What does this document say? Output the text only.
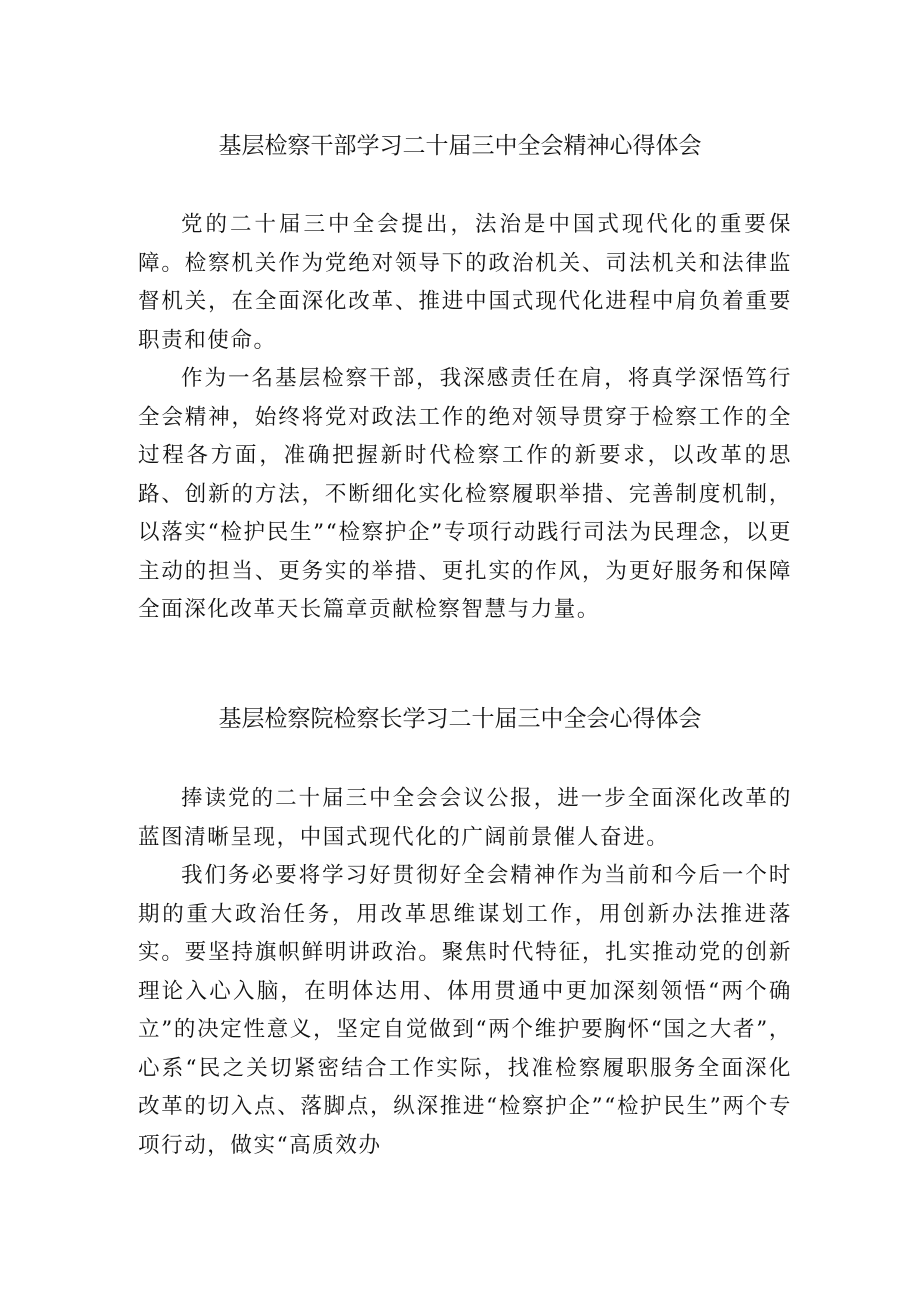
基层检察干部学习二十届三中全会精神心得体会

党的二十届三中全会提出，法治是中国式现代化的重要保障。检察机关作为党绝对领导下的政治机关、司法机关和法律监督机关，在全面深化改革、推进中国式现代化进程中肩负着重要职责和使命。

作为一名基层检察干部，我深感责任在肩，将真学深悟笃行全会精神，始终将党对政法工作的绝对领导贯穿于检察工作的全过程各方面，准确把握新时代检察工作的新要求，以改革的思路、创新的方法，不断细化实化检察履职举措、完善制度机制，以落实“检护民生”“检察护企”专项行动践行司法为民理念，以更主动的担当、更务实的举措、更扎实的作风，为更好服务和保障全面深化改革天长篇章贡献检察智慧与力量。

基层检察院检察长学习二十届三中全会心得体会

捧读党的二十届三中全会会议公报，进一步全面深化改革的蓝图清晰呈现，中国式现代化的广阔前景催人奋进。

我们务必要将学习好贯彻好全会精神作为当前和今后一个时期的重大政治任务，用改革思维谋划工作，用创新办法推进落实。要坚持旗帜鲜明讲政治。聚焦时代特征，扎实推动党的创新理论入心入脑，在明体达用、体用贯通中更加深刻领悟“两个确立”的决定性意义，坚定自觉做到“两个维护要胸怀“国之大者”，心系“民之关切紧密结合工作实际，找准检察履职服务全面深化改革的切入点、落脚点，纵深推进“检察护企”“检护民生”两个专项行动，做实“高质效办
